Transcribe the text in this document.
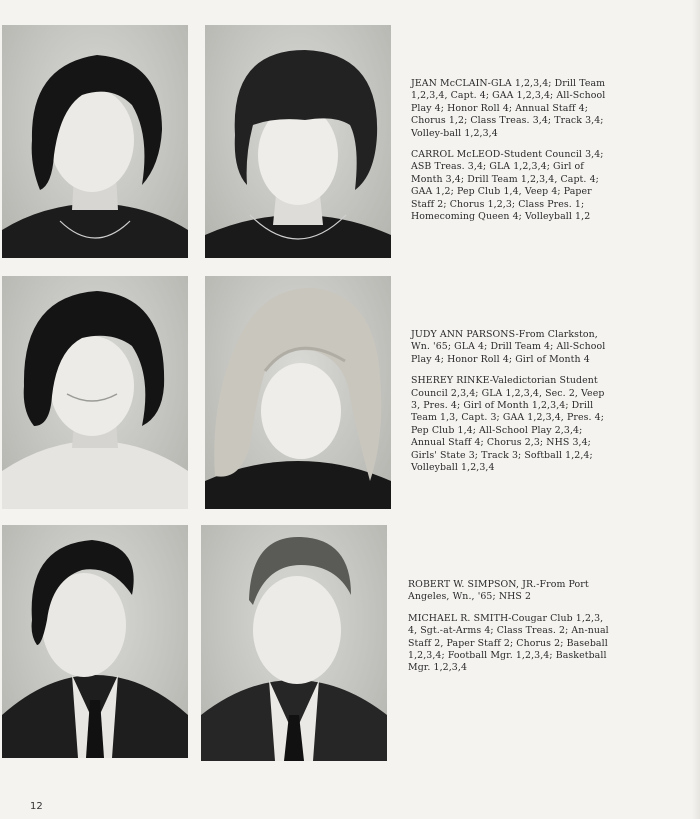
JEAN McCLAIN-GLA 1,2,3,4; Drill Team 1,2,3,4, Capt. 4; GAA 1,2,3,4; All-School Play 4; Honor Roll 4; Annual Staff 4; Chorus 1,2; Class Treas. 3,4; Track 3,4; Volley-ball 1,2,3,4

CARROL McLEOD-Student Council 3,4; ASB Treas. 3,4; GLA 1,2,3,4; Girl of Month 3,4; Drill Team 1,2,3,4, Capt. 4; GAA 1,2; Pep Club 1,4, Veep 4; Paper Staff 2; Chorus 1,2,3; Class Pres. 1; Homecoming Queen 4; Volleyball 1,2

JUDY ANN PARSONS-From Clarkston, Wn. '65; GLA 4; Drill Team 4; All-School Play 4; Honor Roll 4; Girl of Month 4

SHEREY RINKE-Valedictorian Student Council 2,3,4; GLA 1,2,3,4, Sec. 2, Veep 3, Pres. 4; Girl of Month 1,2,3,4; Drill Team 1,3, Capt. 3; GAA 1,2,3,4, Pres. 4; Pep Club 1,4; All-School Play 2,3,4; Annual Staff 4; Chorus 2,3; NHS 3,4; Girls' State 3; Track 3; Softball 1,2,4; Volleyball 1,2,3,4

ROBERT W. SIMPSON, JR.-From Port Angeles, Wn., '65; NHS 2

MICHAEL R. SMITH-Cougar Club 1,2,3, 4, Sgt.-at-Arms 4; Class Treas. 2; An-nual Staff 2, Paper Staff 2; Chorus 2; Baseball 1,2,3,4; Football Mgr. 1,2,3,4; Basketball Mgr. 1,2,3,4

12
